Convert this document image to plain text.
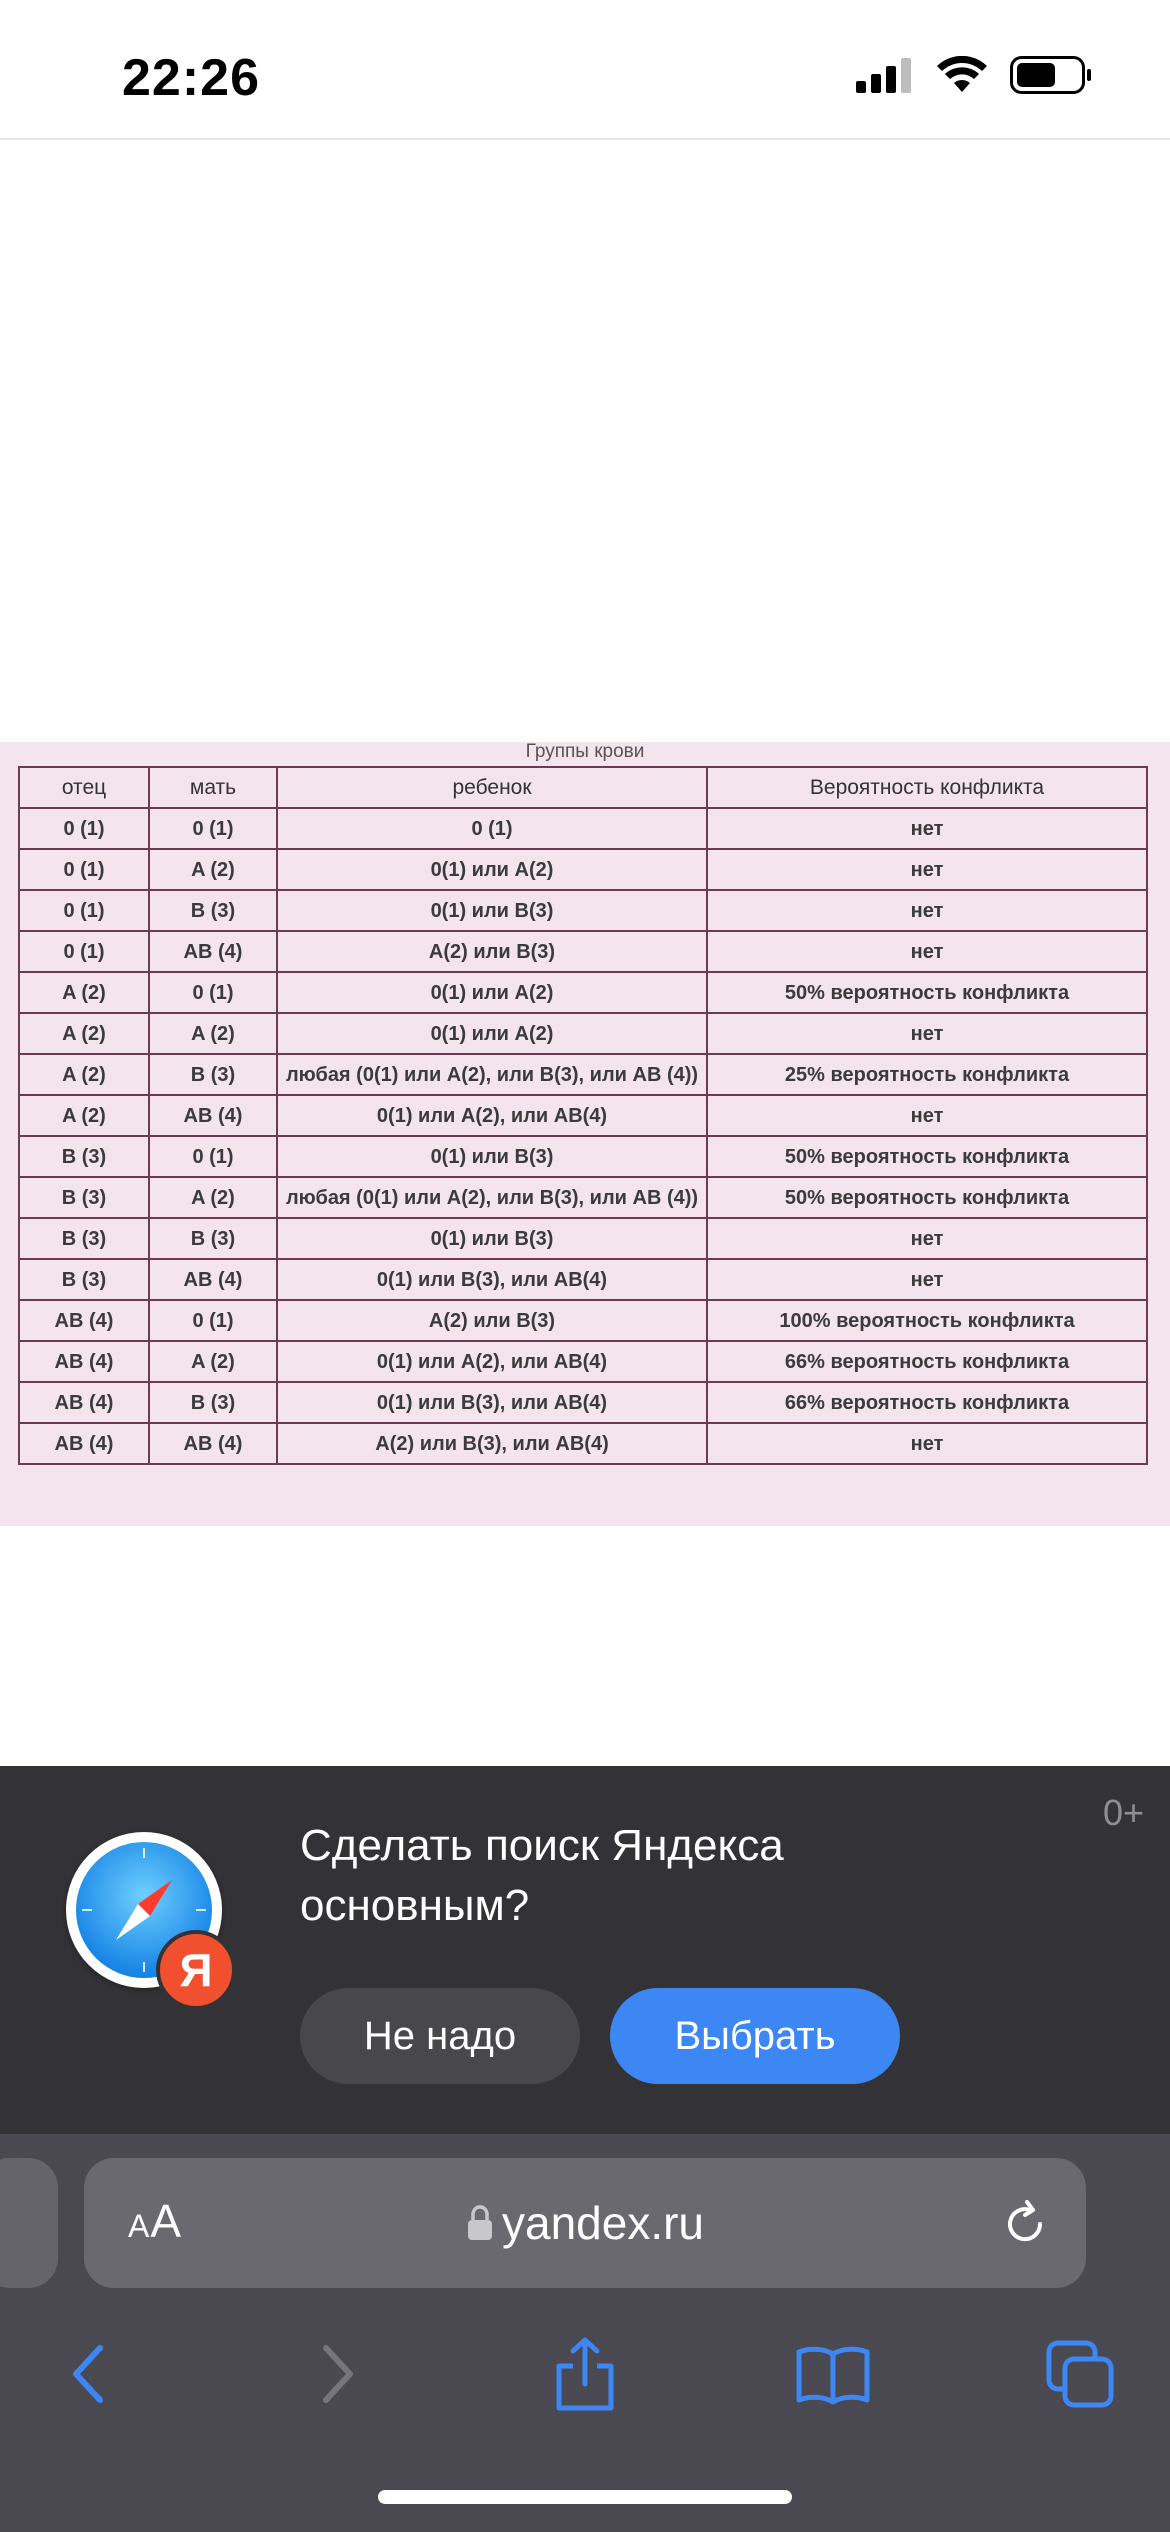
22:26
Группы крови
отец	мать	ребенок	Вероятность конфликта
0 (1)	0 (1)	0 (1)	нет
0 (1)	A (2)	0(1) или A(2)	нет
0 (1)	B (3)	0(1) или B(3)	нет
0 (1)	AB (4)	A(2) или B(3)	нет
A (2)	0 (1)	0(1) или A(2)	50% вероятность конфликта
A (2)	A (2)	0(1) или A(2)	нет
A (2)	B (3)	любая (0(1) или A(2), или B(3), или AB (4))	25% вероятность конфликта
A (2)	AB (4)	0(1) или A(2), или AB(4)	нет
B (3)	0 (1)	0(1) или B(3)	50% вероятность конфликта
B (3)	A (2)	любая (0(1) или A(2), или B(3), или AB (4))	50% вероятность конфликта
B (3)	B (3)	0(1) или B(3)	нет
B (3)	AB (4)	0(1) или B(3), или AB(4)	нет
AB (4)	0 (1)	A(2) или B(3)	100% вероятность конфликта
AB (4)	A (2)	0(1) или A(2), или AB(4)	66% вероятность конфликта
AB (4)	B (3)	0(1) или B(3), или AB(4)	66% вероятность конфликта
AB (4)	AB (4)	A(2) или B(3), или AB(4)	нет
0+
Сделать поиск Яндекса основным?
Не надо	Выбрать
Я
AA	yandex.ru
